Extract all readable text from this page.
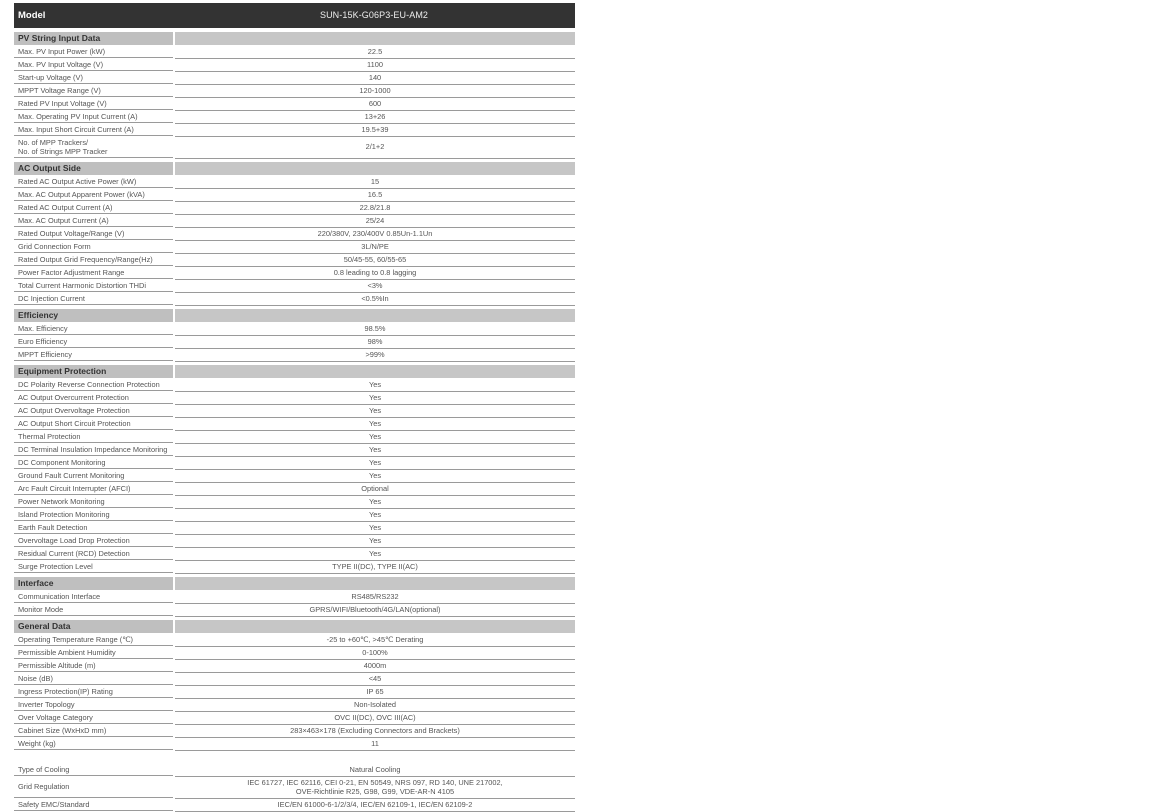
Model	SUN-15K-G06P3-EU-AM2
PV String Input Data
Max. PV Input Power (kW)	22.5
Max. PV Input Voltage (V)	1100
Start-up Voltage (V)	140
MPPT Voltage Range (V)	120-1000
Rated PV Input Voltage (V)	600
Max. Operating PV Input Current (A)	13+26
Max. Input Short Circuit Current (A)	19.5+39
No. of MPP Trackers/
No. of Strings MPP Tracker	2/1+2
AC Output Side
Rated AC Output Active Power (kW)	15
Max. AC Output Apparent Power (kVA)	16.5
Rated AC Output Current (A)	22.8/21.8
Max. AC Output Current (A)	25/24
Rated Output Voltage/Range (V)	220/380V, 230/400V 0.85Un-1.1Un
Grid Connection Form	3L/N/PE
Rated Output Grid Frequency/Range(Hz)	50/45-55, 60/55-65
Power Factor Adjustment Range	0.8 leading to 0.8 lagging
Total Current Harmonic Distortion THDi	<3%
DC Injection Current	<0.5%In
Efficiency
Max. Efficiency	98.5%
Euro Efficiency	98%
MPPT Efficiency	>99%
Equipment Protection
DC Polarity Reverse Connection Protection	Yes
AC Output Overcurrent Protection	Yes
AC Output Overvoltage Protection	Yes
AC Output Short Circuit Protection	Yes
Thermal Protection	Yes
DC Terminal Insulation Impedance Monitoring	Yes
DC Component Monitoring	Yes
Ground Fault Current Monitoring	Yes
Arc Fault Circuit Interrupter (AFCI)	Optional
Power Network Monitoring	Yes
Island Protection Monitoring	Yes
Earth Fault Detection	Yes
Overvoltage Load Drop Protection	Yes
Residual Current (RCD) Detection	Yes
Surge Protection Level	TYPE II(DC), TYPE II(AC)
Interface
Communication Interface	RS485/RS232
Monitor Mode	GPRS/WIFI/Bluetooth/4G/LAN(optional)
General Data
Operating Temperature Range (℃)	-25 to +60℃, >45℃ Derating
Permissible Ambient Humidity	0-100%
Permissible Altitude (m)	4000m
Noise (dB)	<45
Ingress Protection(IP) Rating	IP 65
Inverter Topology	Non-Isolated
Over Voltage Category	OVC II(DC), OVC III(AC)
Cabinet Size (WxHxD mm)	283×463×178 (Excluding Connectors and Brackets)
Weight (kg)	11
Type of Cooling	Natural Cooling
Grid Regulation	IEC 61727, IEC 62116, CEI 0-21, EN 50549, NRS 097, RD 140, UNE 217002,
OVE-Richtlinie R25, G98, G99, VDE-AR-N 4105
Safety EMC/Standard	IEC/EN 61000-6-1/2/3/4, IEC/EN 62109-1, IEC/EN 62109-2
